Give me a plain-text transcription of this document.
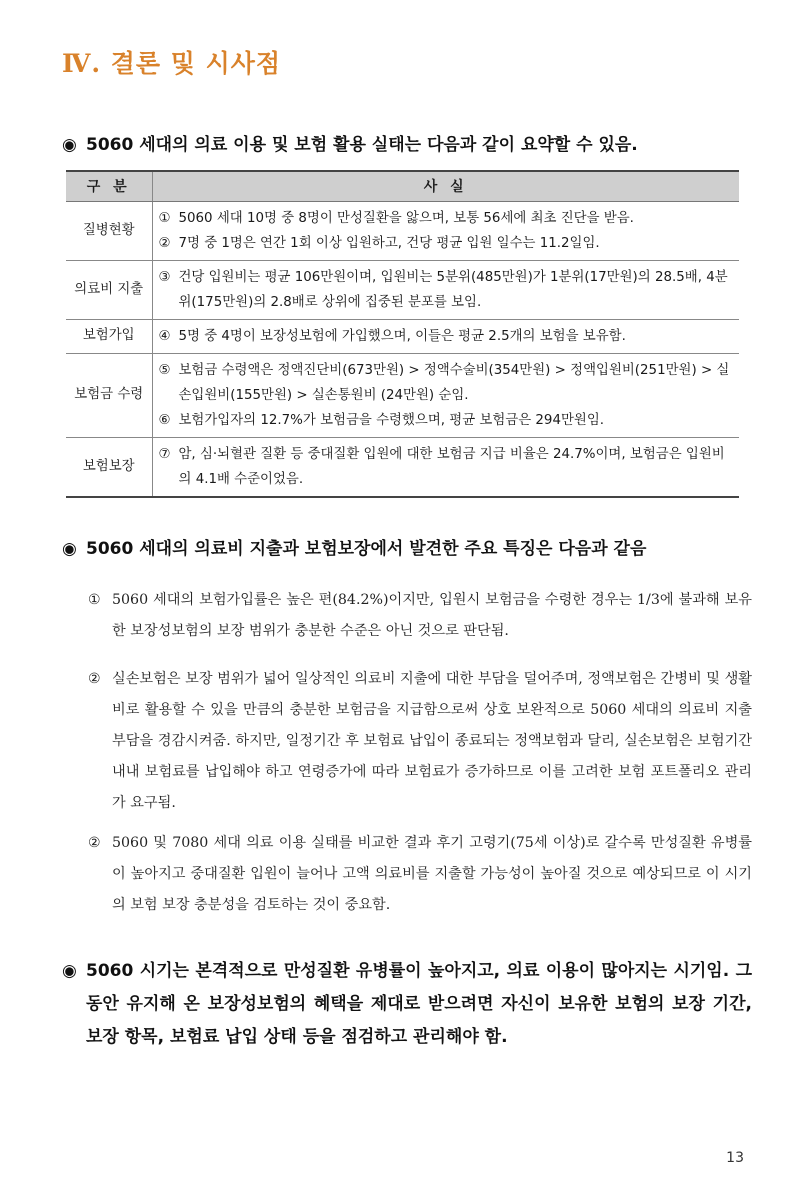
Ⅳ. 결론 및 시사점
◉ 5060 세대의 의료 이용 및 보험 활용 실태는 다음과 같이 요약할 수 있음.
구 분	사 실
질병현황	① 5060 세대 10명 중 8명이 만성질환을 앓으며, 보통 56세에 최초 진단을 받음.
② 7명 중 1명은 연간 1회 이상 입원하고, 건당 평균 입원 일수는 11.2일임.

의료비 지출	③ 건당 입원비는 평균 106만원이며, 입원비는 5분위(485만원)가 1분위(17만원)의 28.5배, 4분위(175만원)의 2.8배로 상위에 집중된 분포를 보임.

보험가입	④ 5명 중 4명이 보장성보험에 가입했으며, 이들은 평균 2.5개의 보험을 보유함.

보험금 수령	⑤ 보험금 수령액은 정액진단비(673만원) > 정액수술비(354만원) > 정액입원비(251만원) > 실손입원비(155만원) > 실손통원비 (24만원) 순임.
⑥ 보험가입자의 12.7%가 보험금을 수령했으며, 평균 보험금은 294만원임.

보험보장	⑦ 암, 심·뇌혈관 질환 등 중대질환 입원에 대한 보험금 지급 비율은 24.7%이며, 보험금은 입원비의 4.1배 수준이었음.
◉ 5060 세대의 의료비 지출과 보험보장에서 발견한 주요 특징은 다음과 같음
① 5060 세대의 보험가입률은 높은 편(84.2%)이지만, 입원시 보험금을 수령한 경우는 1/3에 불과해 보유한 보장성보험의 보장 범위가 충분한 수준은 아닌 것으로 판단됨.
② 실손보험은 보장 범위가 넓어 일상적인 의료비 지출에 대한 부담을 덜어주며, 정액보험은 간병비 및 생활비로 활용할 수 있을 만큼의 충분한 보험금을 지급함으로써 상호 보완적으로 5060 세대의 의료비 지출 부담을 경감시켜줌. 하지만, 일정기간 후 보험료 납입이 종료되는 정액보험과 달리, 실손보험은 보험기간 내내 보험료를 납입해야 하고 연령증가에 따라 보험료가 증가하므로 이를 고려한 보험 포트폴리오 관리가 요구됨.
② 5060 및 7080 세대 의료 이용 실태를 비교한 결과 후기 고령기(75세 이상)로 갈수록 만성질환 유병률이 높아지고 중대질환 입원이 늘어나 고액 의료비를 지출할 가능성이 높아질 것으로 예상되므로 이 시기의 보험 보장 충분성을 검토하는 것이 중요함.
◉ 5060 시기는 본격적으로 만성질환 유병률이 높아지고, 의료 이용이 많아지는 시기임. 그동안 유지해 온 보장성보험의 혜택을 제대로 받으려면 자신이 보유한 보험의 보장 기간, 보장 항목, 보험료 납입 상태 등을 점검하고 관리해야 함.
13
